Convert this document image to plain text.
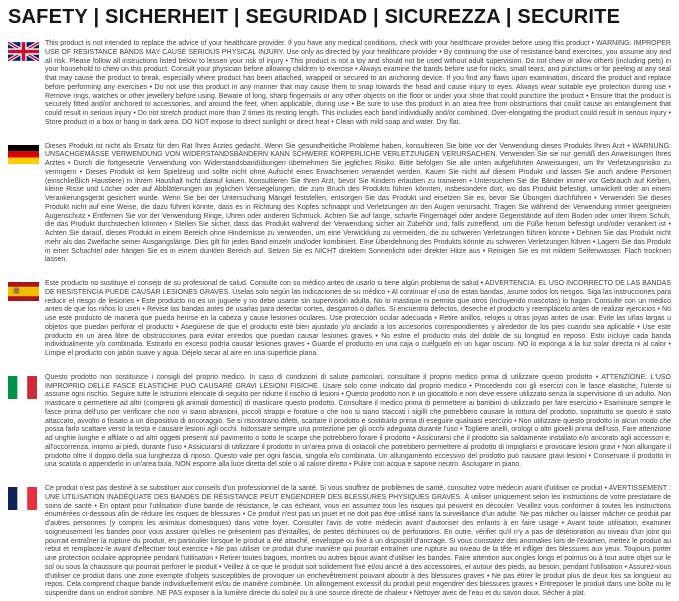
SAFETY | SICHERHEIT | SEGURIDAD | SICUREZZA | SECURITE

This product is not intended to replace the advice of your healthcare provider. If you have any medical conditions, check with your healthcare provider before using this product • WARNING: IMPROPER USE OF RESISTANCE BANDS MAY CAUSE SERIOUS PHYSICAL INJURY. Use only as directed by your healthcare provider • By continuing the use of resistance band exercises, you assume any and all risk. Please follow all instructions listed below to lessen your risk of injury • This product is not a toy and should not be used without adult supervision. Do not chew or allow others (including pets) in your household to chew on this product. Consult your physician before allowing children to exercise • Always examine the bands before use for nicks, small tears, and punctures or for peeling at any seal that may cause the product to break, especially where product has been attached, wrapped or secured to an anchoring device. If you find any flaws upon examination, discard the product and replace before performing any exercises • Do not use this product in any manner that may cause them to snap towards the head and cause injury to eyes. Always wear suitable eye protection during use • Remove rings, watches or other jewellery before using. Beware of long, sharp fingernails or any other objects on the floor or under your shoe that could puncture the product • Ensure that the product is securely fitted and/or anchored to accessories, and around the feet, when applicable, during use • Be sure to use this product in an area free from obstructions that could cause an entanglement that could result in serious injury • Do not stretch product more than 2 times its resting length. This includes each band individually and/or combined. Over-elongating the product could result in serious injury • Store product in a box or hang in dark area. DO NOT expose to direct sunlight or direct heat • Clean with mild soap and water. Dry flat.

Dieses Produkt ist nicht als Ersatz für den Rat Ihres Arztes gedacht. Wenn Sie gesundheitliche Probleme haben, konsultieren Sie bitte vor der Verwendung dieses Produkts Ihren Arzt • WARNUNG: UNSACHGEMÄSSE VERWENDUNG VON WIDERSTANDSBÄNDERN KANN SCHWERE KÖRPERLICHE VERLETZUNGEN VERURSACHEN. Verwenden Sie sie nur gemäß den Anweisungen Ihres Arztes • Durch die fortgesetzte Verwendung von Widerstandsbandübungen übernehmen Sie jegliches Risiko. Bitte befolgen Sie alle unten aufgeführten Anweisungen, um Ihr Verletzungsrisiko zu verringern • Dieses Produkt ist kein Spielzeug und sollte nicht ohne Aufsicht eines Erwachsenen verwendet werden. Kauen Sie nicht auf diesem Produkt und lassen Sie auch andere Personen (einschließlich Haustiere) in Ihrem Haushalt nicht darauf kauen. Konsultieren Sie Ihren Arzt, bevor Sie Kindern erlauben zu trainieren • Untersuchen Sie die Bänder immer vor Gebrauch auf Kerben, kleine Risse und Löcher oder auf Abblätterungen an jeglichen Versiegelungen, die zum Bruch des Produkts führen könnten, insbesondere dort, wo das Produkt befestigt, umwickelt oder an einem Verankerungsgerät gesichert wurde. Wenn Sie bei der Untersuchung Mängel feststellen, entsorgen Sie das Produkt und ersetzen Sie es, bevor Sie Übungen durchführen • Verwenden Sie dieses Produkt nicht auf eine Weise, die dazu führen könnte, dass es in Richtung des Kopfes schnappt und Verletzungen an den Augen verursacht. Tragen Sie während der Verwendung immer geeigneten Augenschutz • Entfernen Sie vor der Verwendung Ringe, Uhren oder anderen Schmuck. Achten Sie auf lange, scharfe Fingernägel oder andere Gegenstände auf dem Boden oder unter Ihrem Schuh, die das Produkt durchstechen könnten • Stellen Sie sicher, dass das Produkt während der Verwendung sicher an Zubehör und, falls zutreffend, um die Füße herum befestigt und/oder verankert ist • Achten Sie darauf, dieses Produkt in einem Bereich ohne Hindernisse zu verwenden, um eine Verwicklung zu vermeiden, die zu schweren Verletzungen führen könnte • Dehnen Sie das Produkt nicht mehr als das Zweifache seiner Ausgangslänge. Dies gilt für jedes Band einzeln und/oder kombiniert. Eine Überdehnung des Produkts könnte zu schweren Verletzungen führen • Lagern Sie das Produkt in einer Schachtel oder hängen Sie es in einem dunklen Bereich auf. Setzen Sie es NICHT direktem Sonnenlicht oder direkter Hitze aus • Reinigen Sie es mit mildem Seifenwasser. Flach trocknen lassen.

Este producto no sustituye el consejo de su profesional de salud. Consulte con su médico antes de usarlo si tiene algún problema de salud • ADVERTENCIA: EL USO INCORRECTO DE LAS BANDAS DE RESISTENCIA PUEDE CAUSAR LESIONES GRAVES. Úselas solo según las indicaciones de su médico • Al continuar el uso de estas bandas, asume todos los riesgos. Siga las instrucciones para reducir el riesgo de lesiones • Este producto no es un juguete y no debe usarse sin supervisión adulta. No lo mastique ni permita que otros (incluyendo mascotas) lo hagan. Consulte con un médico antes de que los niños lo usen • Revise las bandas antes de usarlas para detectar cortes, desgarros o daños. Si encuentra defectos, deseche el producto y reemplácelo antes de realizar ejercicios • No use este producto de manera que pueda herirse en la cabeza y cause lesiones oculares. Use protección ocular adecuada • Retire anillos, relojes u otras joyas antes de usar. Evite las uñas largas u objetos que puedan perforar el producto • Asegúrese de que el producto esté bien ajustado y/o anclado a los accesorios correspondientes y alrededor de los pies cuando sea aplicable • Use este producto en un área libre de obstrucciones para evitar enredos que puedan causar lesiones graves • No estire el producto más del doble de su longitud en reposo. Esto incluye cada banda individualmente y/o combinada. Estirarlo en exceso podría causar lesiones graves • Guarde el producto en una caja o cuélguelo en un lugar oscuro. NO lo exponga a la luz solar directa ni al calor • Limpie el producto con jabón suave y agua. Déjelo secar al aire en una superficie plana.

Questo prodotto non sostituisce i consigli del proprio medico. In caso di condizioni di salute particolari, consultare il proprio medico prima di utilizzare questo prodotto • ATTENZIONE: L'USO IMPROPRIO DELLE FASCE ELASTICHE PUÒ CAUSARE GRAVI LESIONI FISICHE. Usare solo come indicato dal proprio medico • Procedendo con gli esercizi con le fasce elastiche, l'utente si assume ogni rischio. Seguire tutte le istruzioni elencate di seguito per ridurre il rischio di lesioni • Questo prodotto non è un giocattolo e non deve essere utilizzato senza la supervisione di un adulto. Non masticare o permettere ad altri (compresi gli animali domestici) di masticare questo prodotto. Consultare il medico prima di permettere ai bambini di utilizzarlo per fare esercizio • Esaminare sempre le fasce prima dell'uso per verificare che non vi siano abrasioni, piccoli strappi e forature o che non si siano staccati i sigilli che potrebbero causare la rottura del prodotto, soprattutto se questo è stato attaccato, avvolto o fissato a un dispositivo di ancoraggio. Se si riscontrano difetti, scartare il prodotto e sostituirlo prima di eseguire qualsiasi esercizio • Non utilizzare questo prodotto in alcun modo che possa farlo scattare verso la testa e causare lesioni agli occhi. Indossare sempre una protezione per gli occhi adeguata durante l'uso • Togliere anelli, orologi o altri gioielli prima dell'uso. Fare attenzione ad unghie lunghe e affilate o ad altri oggetti presenti sul pavimento o sotto le scarpe che potrebbero forare il prodotto • Assicurarsi che il prodotto sia saldamente installato e/o ancorato agli accessori e, all'occorrenza, intorno ai piedi, durante l'uso • Assicurarsi di utilizzare il prodotto in un'area priva di ostacoli che potrebbero permettere al prodotto di impigliarsi e provocare lesioni gravi • Non allungare il prodotto oltre il doppio della sua lunghezza di riposo. Questo vale per ogni fascia, singola e/o combinata. Un allungamento eccessivo del prodotto può causare gravi lesioni • Conservare il prodotto in una scatola o appenderlo in un'area buia. NON esporre alla luce diretta del sole o al calore diretto • Pulire con acqua e sapone neutro. Asciugare in piano.

Ce produit n'est pas destiné à se substituer aux conseils d'un professionnel de la santé. Si vous souffrez de problèmes de santé, consultez votre médecin avant d'utiliser ce produit • AVERTISSEMENT : UNE UTILISATION INADÉQUATE DES BANDES DE RÉSISTANCE PEUT ENGENDRER DES BLESSURES PHYSIQUES GRAVES. À utiliser uniquement selon les instructions de votre prestataire de soins de santé • En optant pour l'utilisation d'une bande de résistance, le cas échéant, vous en assumez tous les risques qui peuvent en découler. Veuillez vous conformer à toutes les instructions énumérées ci-dessous afin de réduire les risques de blessures • Ce produit n'est pas un jouet et ne doit pas être utilisé sans la surveillance d'un adulte. Ne pas mâcher ou laisser mâcher ce produit par d'autres personnes (y compris les animaux domestiques) dans votre foyer. Consulter l'avis de votre médecin avant d'autoriser des enfants à en faire usage • Avant toute utilisation, examiner soigneusement les bandes pour vous assurer qu'elles ne présentent pas d'entailles, de petites déchirures ou de perforations. En outre, vérifier qu'il n'y a pas de détérioration au niveau d'un joint qui pourrait entraîner la rupture du produit, en particulier lorsque le produit a été attaché, enveloppé ou fixé à un dispositif d'ancrage. Si vous constatez des anomalies lors de l'examen, mettez le produit au rebut et remplacez-le avant d'effectuer tout exercice • Ne pas utiliser ce produit d'une manière qui pourrait entraîner une rupture au niveau de la tête et infliger des blessures aux yeux. Toujours porter une protection oculaire appropriée pendant l'utilisation • Retirer toutes bagues, montres ou autres bijoux avant d'utiliser les bandes. Faire attention aux ongles longs et pointus ou à tout autre objet sur le sol ou sous la chaussure qui pourrait perforer le produit • Veillez à ce que le produit soit solidement fixé et/ou ancré à des accessoires, et autour des pieds, au besoin, pendant l'utilisation • Assurez-vous d'utiliser ce produit dans une zone exempte d'objets susceptibles de provoquer un enchevêtrement pouvant aboutir à des blessures graves • Ne pas étirer le produit plus de deux fois sa longueur au repos. Cela comprend chaque bande individuellement et/ou de manière combinée. Un allongement excessif du produit peut engendrer des blessures graves • Entreposer le produit dans une boîte ou le suspendre dans un endroit sombre. NE PAS exposer à la lumière directe du soleil ou à une source directe de chaleur • Nettoyer avec de l'eau et du savon doux. Sécher à plat.
